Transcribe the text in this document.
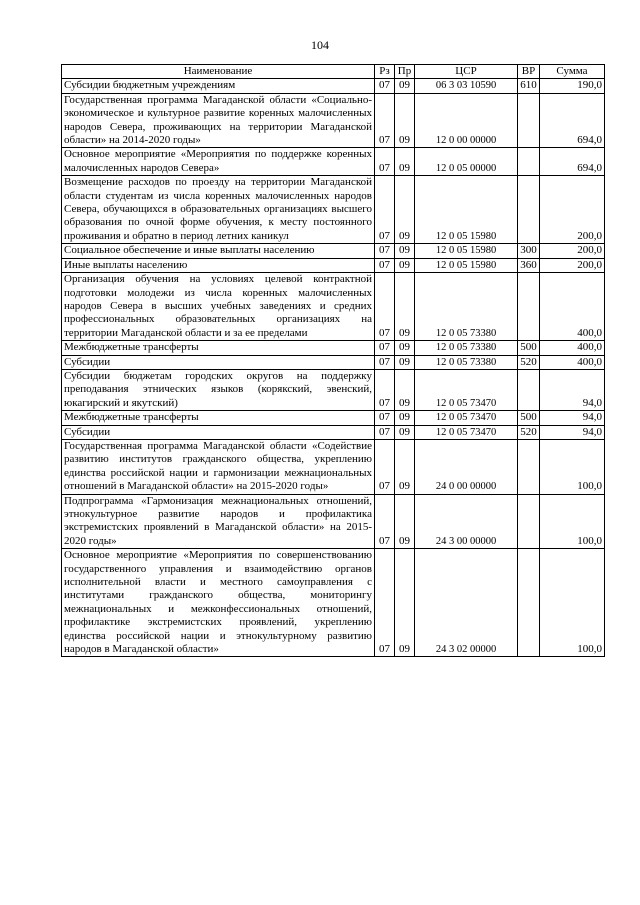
104
Наименование	Рз	Пр	ЦСР	ВР	Сумма
Субсидии бюджетным учреждениям	07	09	06 3 03 10590	610	190,0
Государственная программа Магаданской области «Социально-экономическое и культурное развитие коренных малочисленных народов Севера, проживающих на территории Магаданской области» на 2014-2020 годы»	07	09	12 0 00 00000		694,0
Основное мероприятие «Мероприятия по поддержке коренных малочисленных народов Севера»	07	09	12 0 05 00000		694,0
Возмещение расходов по проезду на территории Магаданской области студентам из числа коренных малочисленных народов Севера, обучающихся в образовательных организациях высшего образования по очной форме обучения, к месту постоянного проживания и обратно в период летних каникул	07	09	12 0 05 15980		200,0
Социальное обеспечение и иные выплаты населению	07	09	12 0 05 15980	300	200,0
Иные выплаты населению	07	09	12 0 05 15980	360	200,0
Организация обучения на условиях целевой контрактной подготовки молодежи из числа коренных малочисленных народов Севера в высших учебных заведениях и средних профессиональных образовательных организациях на территории Магаданской области и за ее пределами	07	09	12 0 05 73380		400,0
Межбюджетные трансферты	07	09	12 0 05 73380	500	400,0
Субсидии	07	09	12 0 05 73380	520	400,0
Субсидии бюджетам городских округов на поддержку преподавания этнических языков (корякский, эвенский, юкагирский и якутский)	07	09	12 0 05 73470		94,0
Межбюджетные трансферты	07	09	12 0 05 73470	500	94,0
Субсидии	07	09	12 0 05 73470	520	94,0
Государственная программа Магаданской области «Содействие развитию институтов гражданского общества, укреплению единства российской нации и гармонизации межнациональных отношений в Магаданской области» на 2015-2020 годы»	07	09	24 0 00 00000		100,0
Подпрограмма «Гармонизация межнациональных отношений, этнокультурное развитие народов и профилактика экстремистских проявлений в Магаданской области» на 2015-2020 годы»	07	09	24 3 00 00000		100,0
Основное мероприятие «Мероприятия по совершенствованию государственного управления и взаимодействию органов исполнительной власти и местного самоуправления с институтами гражданского общества, мониторингу межнациональных и межконфессиональных отношений, профилактике экстремистских проявлений, укреплению единства российской нации и этнокультурному развитию народов в Магаданской области»	07	09	24 3 02 00000		100,0
